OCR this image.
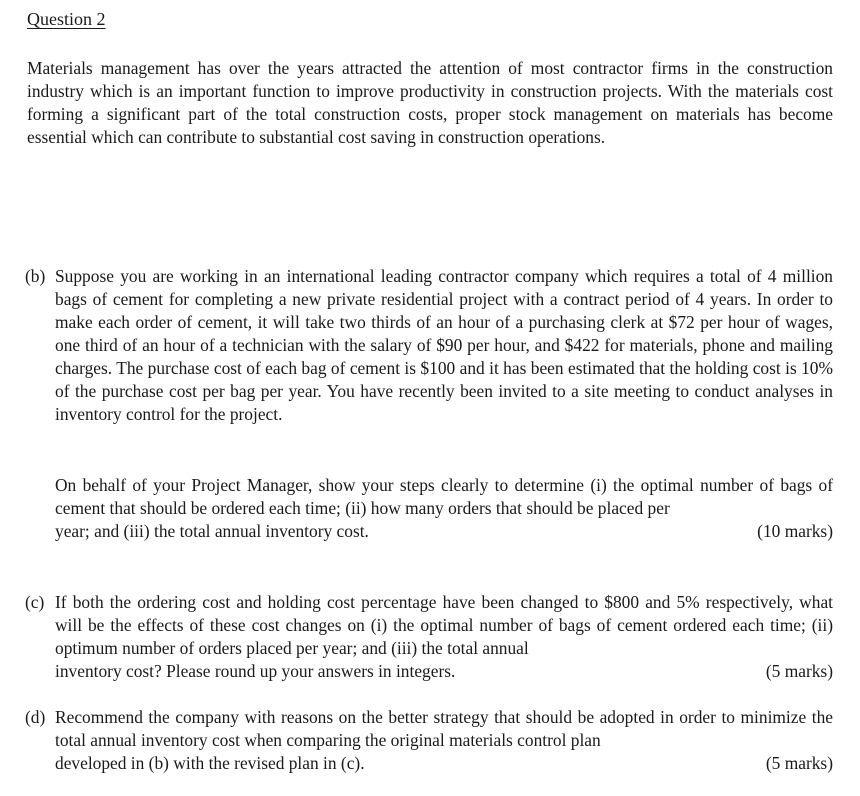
Question 2
Materials management has over the years attracted the attention of most contractor firms in the construction industry which is an important function to improve productivity in construction projects. With the materials cost forming a significant part of the total construction costs, proper stock management on materials has become essential which can contribute to substantial cost saving in construction operations.
(b) Suppose you are working in an international leading contractor company which requires a total of 4 million bags of cement for completing a new private residential project with a contract period of 4 years. In order to make each order of cement, it will take two thirds of an hour of a purchasing clerk at $72 per hour of wages, one third of an hour of a technician with the salary of $90 per hour, and $422 for materials, phone and mailing charges. The purchase cost of each bag of cement is $100 and it has been estimated that the holding cost is 10% of the purchase cost per bag per year. You have recently been invited to a site meeting to conduct analyses in inventory control for the project.
On behalf of your Project Manager, show your steps clearly to determine (i) the optimal number of bags of cement that should be ordered each time; (ii) how many orders that should be placed per
year; and (iii) the total annual inventory cost.	(10 marks)
(c) If both the ordering cost and holding cost percentage have been changed to $800 and 5% respectively, what will be the effects of these cost changes on (i) the optimal number of bags of cement ordered each time; (ii) optimum number of orders placed per year; and (iii) the total annual
inventory cost? Please round up your answers in integers.	(5 marks)
(d) Recommend the company with reasons on the better strategy that should be adopted in order to minimize the total annual inventory cost when comparing the original materials control plan
developed in (b) with the revised plan in (c).	(5 marks)
